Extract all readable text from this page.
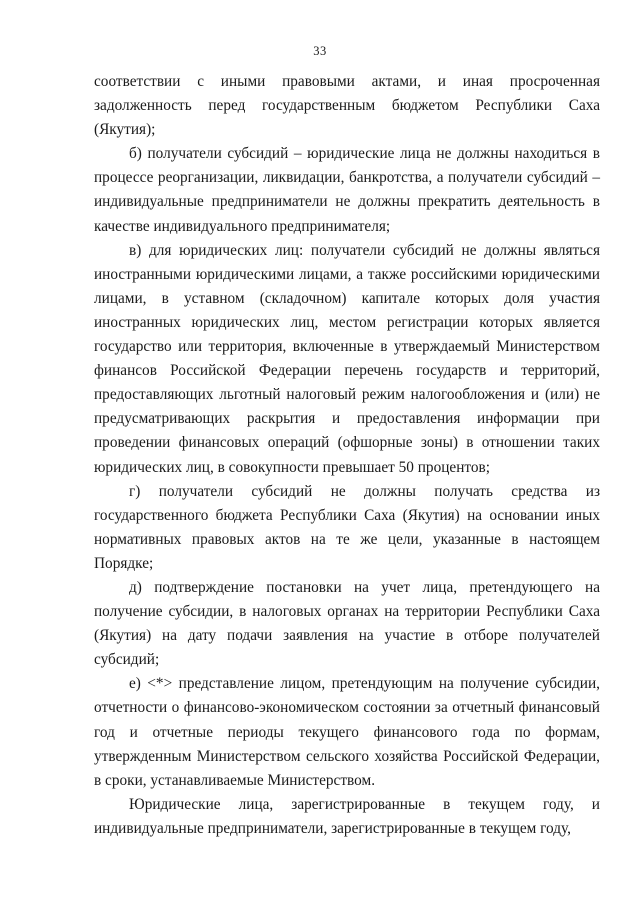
33

соответствии с иными правовыми актами, и иная просроченная задолженность перед государственным бюджетом Республики Саха (Якутия);

б) получатели субсидий – юридические лица не должны находиться в процессе реорганизации, ликвидации, банкротства, а получатели субсидий – индивидуальные предприниматели не должны прекратить деятельность в качестве индивидуального предпринимателя;

в) для юридических лиц: получатели субсидий не должны являться иностранными юридическими лицами, а также российскими юридическими лицами, в уставном (складочном) капитале которых доля участия иностранных юридических лиц, местом регистрации которых является государство или территория, включенные в утверждаемый Министерством финансов Российской Федерации перечень государств и территорий, предоставляющих льготный налоговый режим налогообложения и (или) не предусматривающих раскрытия и предоставления информации при проведении финансовых операций (офшорные зоны) в отношении таких юридических лиц, в совокупности превышает 50 процентов;

г) получатели субсидий не должны получать средства из государственного бюджета Республики Саха (Якутия) на основании иных нормативных правовых актов на те же цели, указанные в настоящем Порядке;

д) подтверждение постановки на учет лица, претендующего на получение субсидии, в налоговых органах на территории Республики Саха (Якутия) на дату подачи заявления на участие в отборе получателей субсидий;

е) <*> представление лицом, претендующим на получение субсидии, отчетности о финансово-экономическом состоянии за отчетный финансовый год и отчетные периоды текущего финансового года по формам, утвержденным Министерством сельского хозяйства Российской Федерации, в сроки, устанавливаемые Министерством.

Юридические лица, зарегистрированные в текущем году, и индивидуальные предприниматели, зарегистрированные в текущем году,
